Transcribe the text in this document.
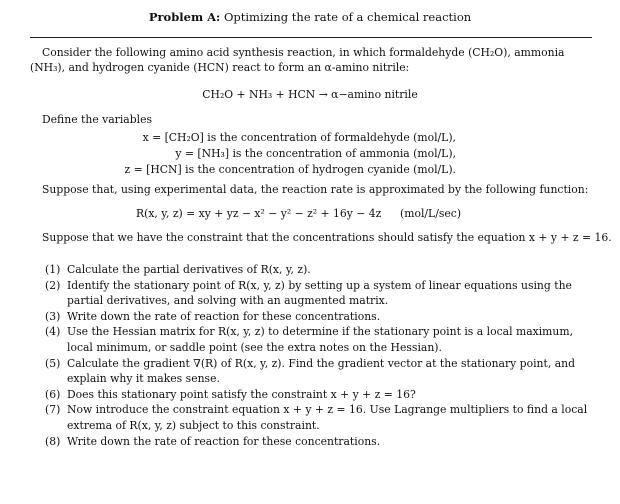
Problem A: Optimizing the rate of a chemical reaction
Consider the following amino acid synthesis reaction, in which formaldehyde (CH₂O), ammonia (NH₃), and hydrogen cyanide (HCN) react to form an α-amino nitrile:
CH₂O + NH₃ + HCN → α−amino nitrile
Define the variables
x = [CH₂O] is the concentration of formaldehyde (mol/L),
y = [NH₃] is the concentration of ammonia (mol/L),
z = [HCN] is the concentration of hydrogen cyanide (mol/L).
Suppose that, using experimental data, the reaction rate is approximated by the following function:
R(x, y, z) = xy + yz − x² − y² − z² + 16y − 4z (mol/L/sec)
Suppose that we have the constraint that the concentrations should satisfy the equation x + y + z = 16.
(1) Calculate the partial derivatives of R(x, y, z).
(2) Identify the stationary point of R(x, y, z) by setting up a system of linear equations using the partial derivatives, and solving with an augmented matrix.
(3) Write down the rate of reaction for these concentrations.
(4) Use the Hessian matrix for R(x, y, z) to determine if the stationary point is a local maximum, local minimum, or saddle point (see the extra notes on the Hessian).
(5) Calculate the gradient ∇(R) of R(x, y, z). Find the gradient vector at the stationary point, and explain why it makes sense.
(6) Does this stationary point satisfy the constraint x + y + z = 16?
(7) Now introduce the constraint equation x + y + z = 16. Use Lagrange multipliers to find a local extrema of R(x, y, z) subject to this constraint.
(8) Write down the rate of reaction for these concentrations.
